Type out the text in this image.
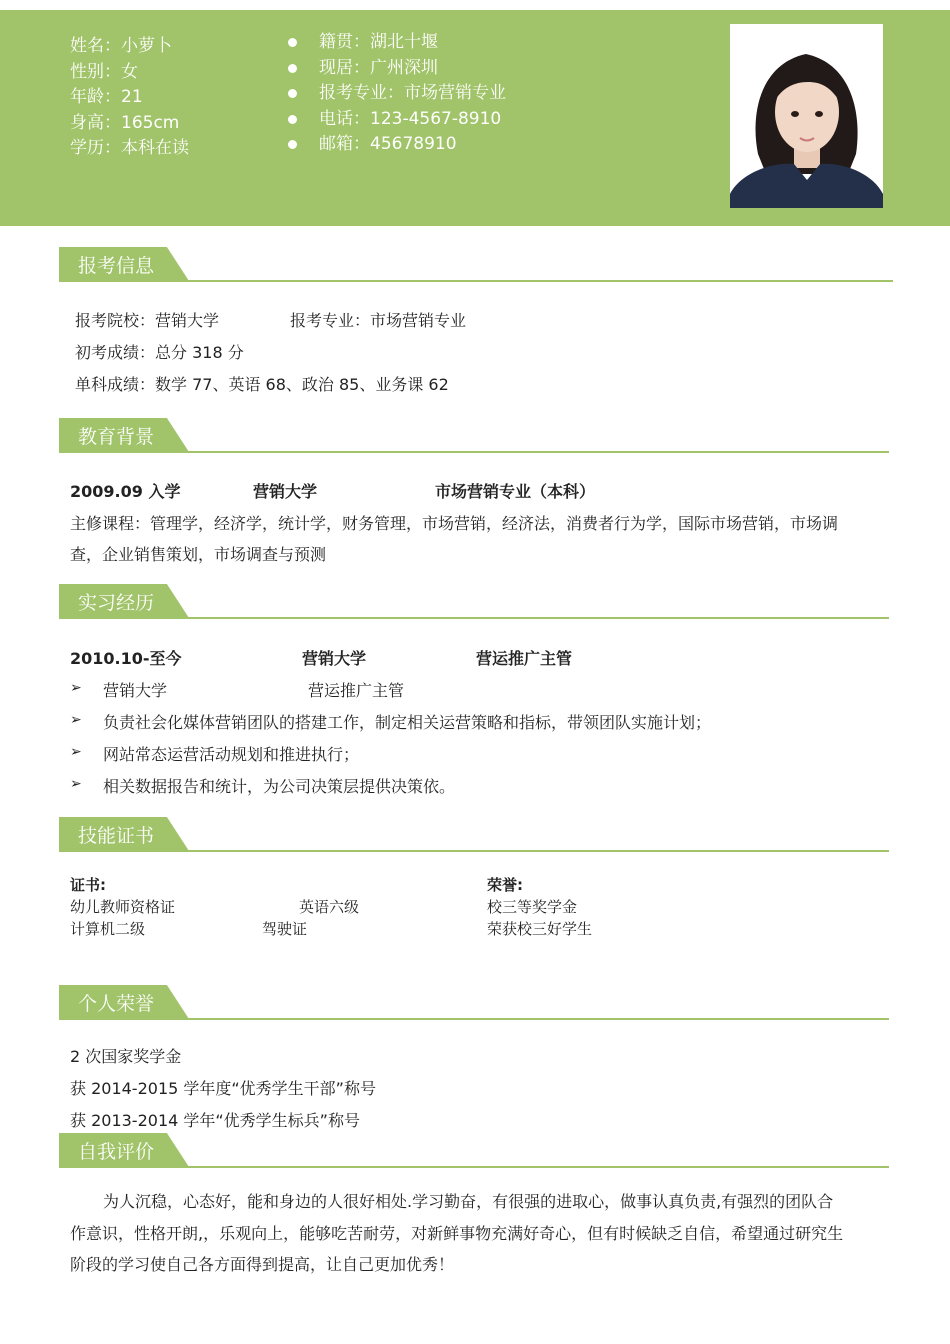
姓名：小萝卜
性别：女
年龄：21
身高：165cm
学历：本科在读
籍贯：湖北十堰
现居：广州深圳
报考专业：市场营销专业
电话：123-4567-8910
邮箱：45678910
报考信息
报考院校：营销大学	报考专业：市场营销专业
初考成绩：总分 318 分
单科成绩：数学 77、英语 68、政治 85、业务课 62
教育背景
2009.09 入学	营销大学	市场营销专业（本科）
主修课程：管理学，经济学，统计学，财务管理，市场营销，经济法，消费者行为学，国际市场营销，市场调
查，企业销售策划，市场调查与预测
实习经历
2010.10-至今	营销大学	营运推广主管
➢ 营销大学	营运推广主管
➢ 负责社会化媒体营销团队的搭建工作，制定相关运营策略和指标，带领团队实施计划；
➢ 网站常态运营活动规划和推进执行；
➢ 相关数据报告和统计，为公司决策层提供决策依。
技能证书
证书:
幼儿教师资格证	英语六级
计算机二级	驾驶证
荣誉:
校三等奖学金
荣获校三好学生
个人荣誉
2 次国家奖学金
获 2014-2015 学年度“优秀学生干部”称号
获 2013-2014 学年“优秀学生标兵”称号
自我评价
为人沉稳，心态好，能和身边的人很好相处.学习勤奋，有很强的进取心，做事认真负责,有强烈的团队合
作意识，性格开朗,，乐观向上，能够吃苦耐劳，对新鲜事物充满好奇心，但有时候缺乏自信，希望通过研究生
阶段的学习使自己各方面得到提高，让自己更加优秀！
